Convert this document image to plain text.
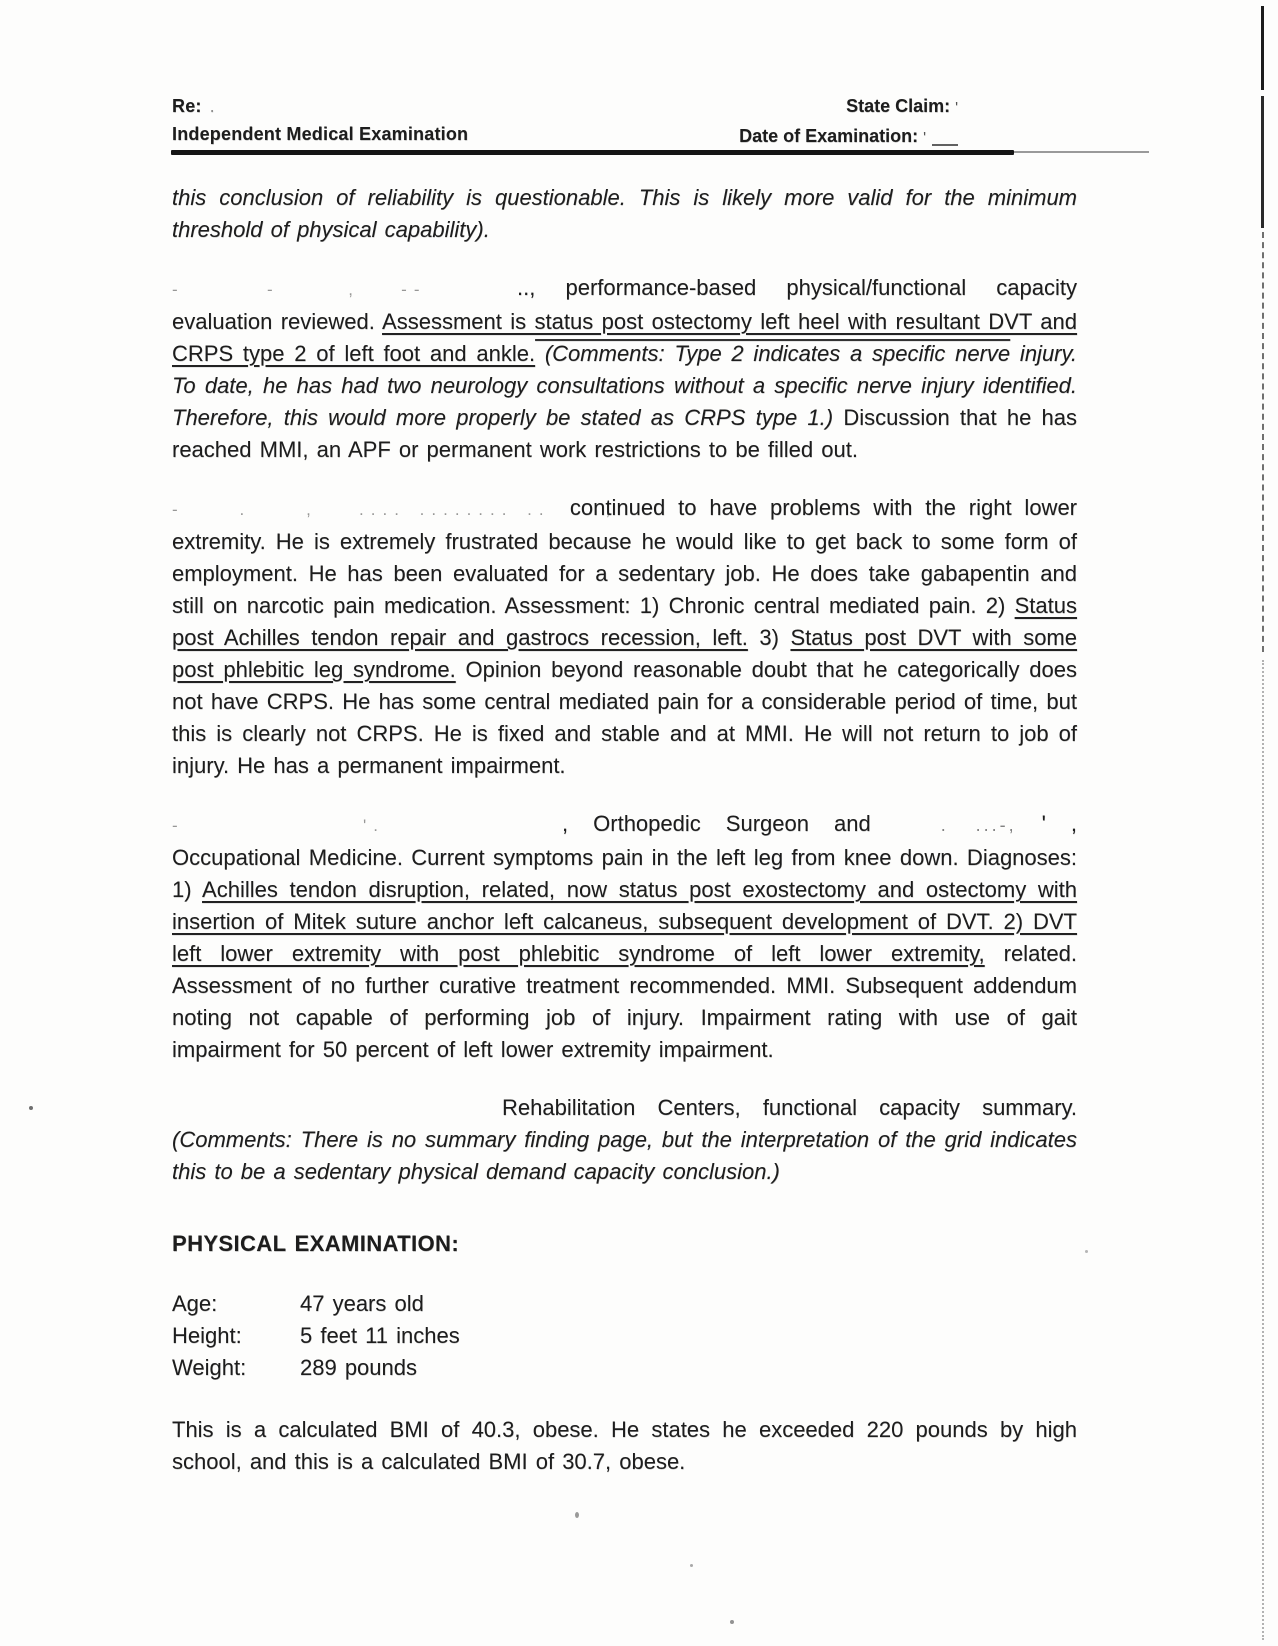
Re: .
Independent Medical Examination
State Claim: '
Date of Examination: '

this conclusion of reliability is questionable. This is likely more valid for the minimum threshold of physical capability).

-      -     ,   --	.., performance-based physical/functional capacity evaluation reviewed. Assessment is status post ostectomy left heel with resultant DVT and CRPS type 2 of left foot and ankle. (Comments: Type 2 indicates a specific nerve injury. To date, he has had two neurology consultations without a specific nerve injury identified. Therefore, this would more properly be stated as CRPS type 1.) Discussion that he has reached MMI, an APF or permanent work restrictions to be filled out.

-    .    ,   .... ........ ..    , continued to have problems with the right lower extremity. He is extremely frustrated because he would like to get back to some form of employment. He has been evaluated for a sedentary job. He does take gabapentin and still on narcotic pain medication. Assessment: 1) Chronic central mediated pain. 2) Status post Achilles tendon repair and gastrocs recession, left. 3) Status post DVT with some post phlebitic leg syndrome. Opinion beyond reasonable doubt that he categorically does not have CRPS. He has some central mediated pain for a considerable period of time, but this is clearly not CRPS. He is fixed and stable and at MMI. He will not return to job of injury. He has a permanent impairment.

-             '.	, Orthopedic Surgeon and	. ...-, ' , Occupational Medicine. Current symptoms pain in the left leg from knee down. Diagnoses: 1) Achilles tendon disruption, related, now status post exostectomy and ostectomy with insertion of Mitek suture anchor left calcaneus, subsequent development of DVT. 2) DVT left lower extremity with post phlebitic syndrome of left lower extremity, related. Assessment of no further curative treatment recommended. MMI. Subsequent addendum noting not capable of performing job of injury. Impairment rating with use of gait impairment for 50 percent of left lower extremity impairment.

Rehabilitation Centers, functional capacity summary. (Comments: There is no summary finding page, but the interpretation of the grid indicates this to be a sedentary physical demand capacity conclusion.)

PHYSICAL EXAMINATION:
Age:	47 years old
Height:	5 feet 11 inches
Weight:	289 pounds

This is a calculated BMI of 40.3, obese. He states he exceeded 220 pounds by high school, and this is a calculated BMI of 30.7, obese.
